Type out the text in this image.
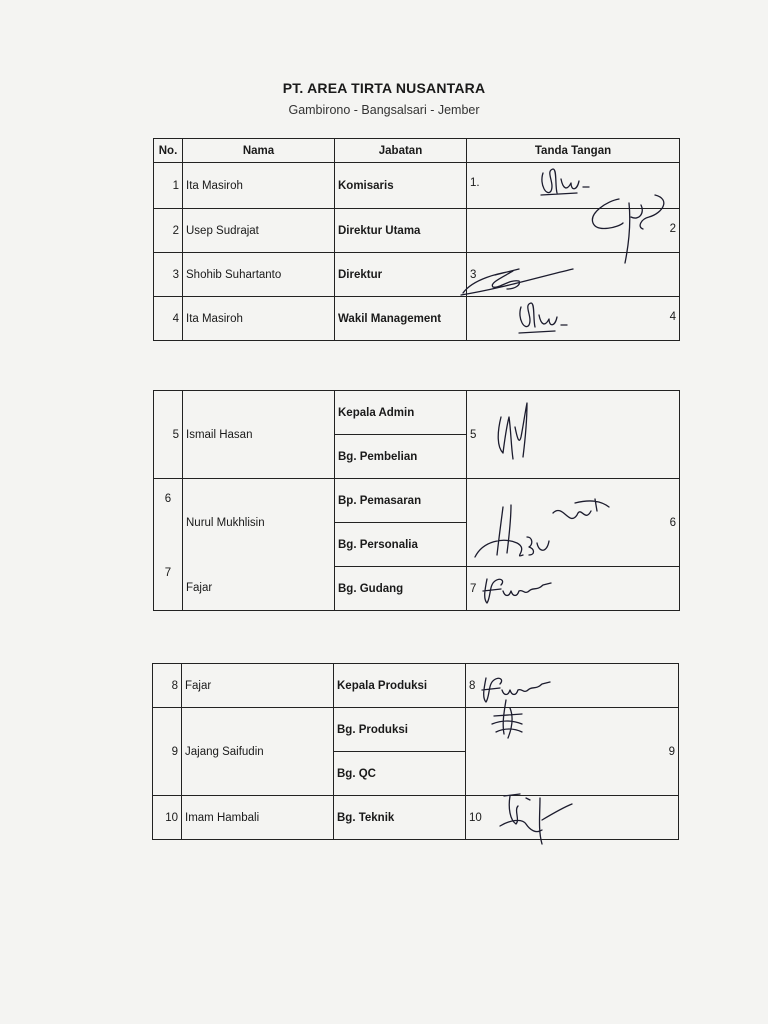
PT. AREA TIRTA NUSANTARA
Gambirono - Bangsalsari - Jember
No.	Nama	Jabatan	Tanda Tangan
1	Ita Masiroh	Komisaris	1.

2	Usep Sudrajat	Direktur Utama	2

3	Shohib Suhartanto	Direktur	3

4	Ita Masiroh	Wakil Management	4
5	Ismail Hasan	Kepala Admin	5

		Bg. Pembelian	
6	Nurul Mukhlisin	Bp. Pemasaran	6

		Bg. Personalia	
7	Fajar	Bg. Gudang	7
8	Fajar	Kepala Produksi	8

9	Jajang Saifudin	Bg. Produksi	9

		Bg. QC	
10	Imam Hambali	Bg. Teknik	10
